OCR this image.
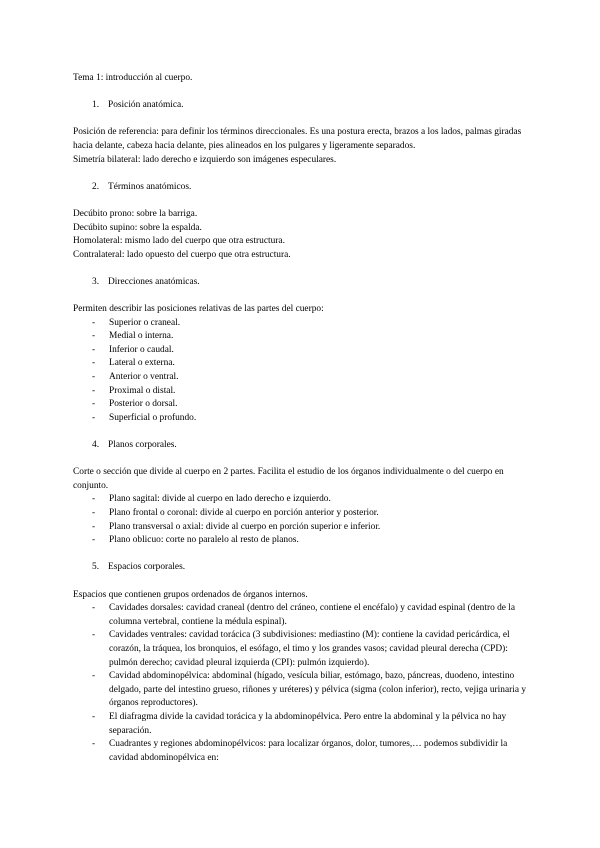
Tema 1: introducción al cuerpo.

1. Posición anatómica.

Posición de referencia: para definir los términos direccionales. Es una postura erecta, brazos a los lados, palmas giradas hacia delante, cabeza hacia delante, pies alineados en los pulgares y ligeramente separados.

Simetría bilateral: lado derecho e izquierdo son imágenes especulares.

2. Términos anatómicos.

Decúbito prono: sobre la barriga.

Decúbito supino: sobre la espalda.

Homolateral: mismo lado del cuerpo que otra estructura.

Contralateral: lado opuesto del cuerpo que otra estructura.

3. Direcciones anatómicas.

Permiten describir las posiciones relativas de las partes del cuerpo:

- Superior o craneal.
- Medial o interna.
- Inferior o caudal.
- Lateral o externa.
- Anterior o ventral.
- Proximal o distal.
- Posterior o dorsal.
- Superficial o profundo.

4. Planos corporales.

Corte o sección que divide al cuerpo en 2 partes. Facilita el estudio de los órganos individualmente o del cuerpo en conjunto.

- Plano sagital: divide al cuerpo en lado derecho e izquierdo.
- Plano frontal o coronal: divide al cuerpo en porción anterior y posterior.
- Plano transversal o axial: divide al cuerpo en porción superior e inferior.
- Plano oblicuo: corte no paralelo al resto de planos.

5. Espacios corporales.

Espacios que contienen grupos ordenados de órganos internos.

- Cavidades dorsales: cavidad craneal (dentro del cráneo, contiene el encéfalo) y cavidad espinal (dentro de la columna vertebral, contiene la médula espinal).
- Cavidades ventrales: cavidad torácica (3 subdivisiones: mediastino (M): contiene la cavidad pericárdica, el corazón, la tráquea, los bronquios, el esófago, el timo y los grandes vasos; cavidad pleural derecha (CPD): pulmón derecho; cavidad pleural izquierda (CPI): pulmón izquierdo).
- Cavidad abdominopélvica: abdominal (hígado, vesícula biliar, estómago, bazo, páncreas, duodeno, intestino delgado, parte del intestino grueso, riñones y uréteres) y pélvica (sigma (colon inferior), recto, vejiga urinaria y órganos reproductores).
- El diafragma divide la cavidad torácica y la abdominopélvica. Pero entre la abdominal y la pélvica no hay separación.
- Cuadrantes y regiones abdominopélvicos: para localizar órganos, dolor, tumores,… podemos subdividir la cavidad abdominopélvica en:
